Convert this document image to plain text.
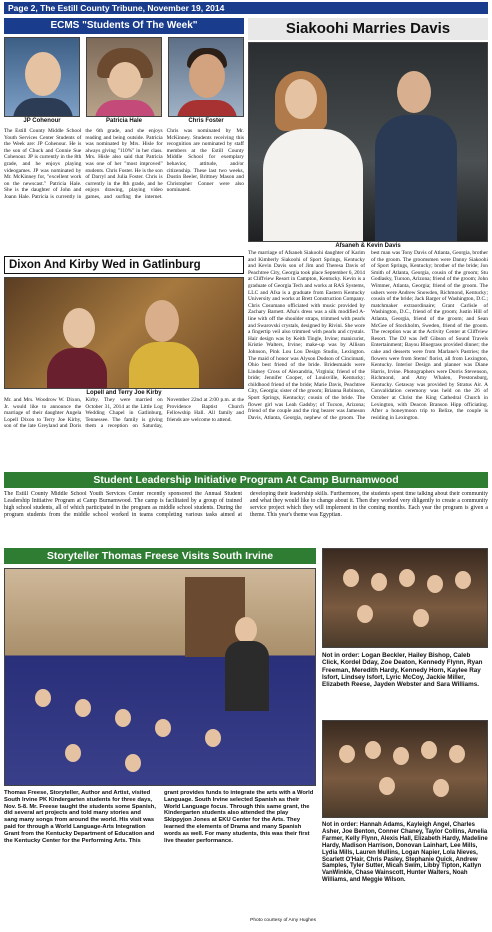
Page 2, The Estill County Tribune, November 19, 2014
ECMS "Students Of The Week"
JP Cohenour	Patricia Hale	Chris Foster
The Estill County Middle School Youth Services Center Students of the Week are: JP Cohenour. He is the son of Chuck and Connie Sue Cohenour. JP is currently in the 8th grade, and he enjoys playing videogames. JP was nominated by Mr. McKinney for, "excellent work on the newscast." Patricia Hale. She is the daughter of John and Joann Hale. Patricia is currently in the 6th grade, and she enjoys reading and being outside. Patricia was nominated by Mrs. Hisle for always giving "110%" in her class. Mrs. Hisle also said that Patricia was one of her "most improved" students. Chris Foster. He is the son of Darryl and Julia Foster. Chris is currently in the 8th grade, and he enjoys drawing, playing video games, and surfing the internet. Chris was nominated by Mr. McKinney. Students receiving this recognition are nominated by staff members at the Estill County Middle School for exemplary behavior, attitude, and/or citizenship. These last two weeks, Dustin Beeler, Brittney Mason and Christopher Conner were also nominated.
Dixon And Kirby Wed in Gatlinburg
Lopell and Terry Joe Kirby
Mr. and Mrs. Woodrow W. Dixon, Jr. would like to announce the marriage of their daughter Angela Lopell Dixon to Terry Joe Kirby, son of the late Greyland and Doris Kirby. They were married on October 31, 2014 at the Little Log Wedding Chapel in Gatlinburg, Tennessee. The family is giving them a reception on Saturday, November 22nd at 2:00 p.m. at the Providence Baptist Church Fellowship Hall. All family and friends are welcome to attend.
Siakoohi Marries Davis
Afsaneh & Kevin Davis
The marriage of Afsaneh Siakoohi daughter of Karim and Kimberly Siakoohi of Sport Springs, Kentucky and Kevin Davis son of Jim and Theresa Davis of Peachtree City, Georgia took place September 6, 2014 at Cliffview Resort in Campton, Kentucky. Kevin is a graduate of Georgia Tech and works at RAS Systems, LLC and Afsa is a graduate from Eastern Kentucky University and works at Brett Construction Company. Chris Cosumano officiated with music provided by Zachary Barnett. Afsa's dress was a silk modified A-line with off the shoulder straps, trimmed with pearls and Swarovski crystals, designed by Rivini. She wore a fingertip veil also trimmed with pearls and crystals. Hair design was by Keith Tingle, Irvine; manicurist, Kristie Walters, Irvine; make-up was by Allison Johnson, Pink Lou Lou Design Studio, Lexington. The maid of honor was Alyson Dodson of Cincinnati, Ohio best friend of the bride. Bridesmaids were Lindsey Cross of Alexandria, Virginia; friend of the bride; Jennifer Cooper, of Louisville, Kentucky; childhood friend of the bride; Marie Davis, Peachtree City, Georgia; sister of the groom; Brianna Robinson, Sport Springs, Kentucky; cousin of the bride. The flower girl was Leah Gadsby; of Tucson, Arizona; friend of the couple and the ring bearer was Jameson Davis, Atlanta, Georgia, nephew of the groom. The best man was Tony Davis of Atlanta, Georgia, brother of the groom. The groomsmen were Danny Siakoohi of Sport Springs, Kentucky; brother of the bride; Jon Smith of Atlanta, Georgia, cousin of the groom; Stu Godlasky, Tucson, Arizona; friend of the groom; John Wimmer, Atlanta, Georgia; friend of the groom. The ushers were Andrew Snowden, Richmond, Kentucky; cousin of the bride; Jack Barger of Washington, D.C.; matchmaker extraordinaire; Grant Carlisle of Washington, D.C., friend of the groom; Justin Hill of Atlanta, Georgia, friend of the groom; and Sean McGee of Stockholm, Sweden, friend of the groom. The reception was at the Activity Center at Cliffview Resort. The DJ was Jeff Gibson of Sound Travels Entertainment; Bayou Bluegrass provided dinner; the cake and desserts were from Marlane's Pastries; the flowers were from Stems' florist, all from Lexington, Kentucky. Interior Design and planner was Diane Harris, Irvine. Photographers were Dorris Stevenson, Richmond, and Amy Whalen, Prestonsburg, Kentucky. Getaway was provided by Stratus Air. A Convalidation ceremony was held on the 26 of October at Christ the King Cathedral Church in Lexington, with Deacon Branson Hipp officiating. After a honeymoon trip to Belize, the couple is residing in Lexington.
Student Leadership Initiative Program At Camp Burnamwood
The Estill County Middle School Youth Services Center recently sponsored the Annual Student Leadership Initiative Program at Camp Burnamwood. The camp is facilitated by a group of trained high school students, all of which participated in the program as middle school students. During the program students from the middle school worked in teams completing various tasks aimed at developing their leadership skills. Furthermore, the students spent time talking about their community and what they would like to change about it. Then they worked very diligently to create a community service project which they will implement in the coming months. Each year the program is given a theme. This year's theme was Egyptian.
Storyteller Thomas Freese Visits South Irvine
Not in order: Logan Beckler, Hailey Bishop, Caleb Click, Kordel Dday, Zoe Deaton, Kennedy Flynn, Ryan Freeman, Meredith Hardy, Kennedy Horn, Kaylee Ray Isfort, Lindsey Isfort, Lyric McCoy, Jackie Miller, Elizabeth Reese, Jayden Webster and Sara Williams.
Not in order: Hannah Adams, Kayleigh Angel, Charles Asher, Joe Benton, Conner Chaney, Taylor Collins, Amelia Farmer, Kelly Flynn, Alexis Hall, Elizabeth Hardy, Madeline Hardy, Madison Harrison, Donovan Lainhart, Lee Mills, Lydia Mills, Lauren Mullins, Logan Napier, Lola Nieves, Scarlett O'Hair, Chris Pasley, Stephanie Quick, Andrew Samples, Tyler Sutter, Micah Swim, Libby Tipton, Katlyn VanWinkle, Chase Wainscott, Hunter Walters, Noah Williams, and Meggie Wilson.
Thomas Freese, Storyteller, Author and Artist, visited South Irvine PK Kindergarten students for three days, Nov. 5-8. Mr. Freese taught the students some Spanish, did several art projects and told many stories and sang many songs from around the world. His visit was paid for through a World Language-Arts Integration Grant from the Kentucky Department of Education and the Kentucky Center for the Performing Arts. This grant provides funds to integrate the arts with a World Language. South Irvine selected Spanish as their World Language focus. Through this same grant, the Kindergarten students also attended the play Skippyjon Jones at EKU Center for the Arts. They learned the elements of Drama and many Spanish words as well. For many students, this was their first live theater performance.
Photo courtesy of Amy Hughes
